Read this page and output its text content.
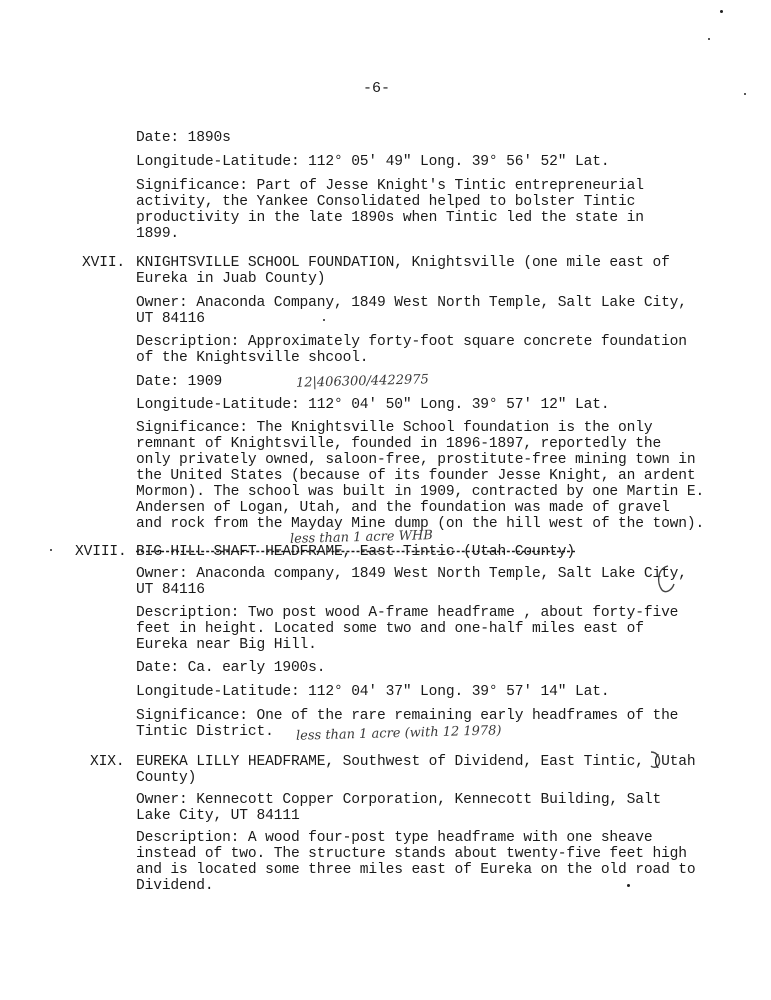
-6-
Date: 1890s
Longitude-Latitude: 112° 05' 49" Long. 39° 56' 52" Lat.
Significance: Part of Jesse Knight's Tintic entrepreneurial
activity, the Yankee Consolidated helped to bolster Tintic
productivity in the late 1890s when Tintic led the state in
1899.
XVII. KNIGHTSVILLE SCHOOL FOUNDATION, Knightsville (one mile east of
Eureka in Juab County)
Owner: Anaconda Company, 1849 West North Temple, Salt Lake City,
UT 84116
Description: Approximately forty-foot square concrete foundation
of the Knightsville shcool.
Date: 1909	12|406300/4422975
Longitude-Latitude: 112° 04' 50" Long. 39° 57' 12" Lat.
Significance: The Knightsville School foundation is the only
remnant of Knightsville, founded in 1896-1897, reportedly the
only privately owned, saloon-free, prostitute-free mining town in
the United States (because of its founder Jesse Knight, an ardent
Mormon). The school was built in 1909, contracted by one Martin E.
Andersen of Logan, Utah, and the foundation was made of gravel
and rock from the Mayday Mine dump (on the hill west of the town).
less than 1 acre WHB
XVIII. BIG HILL SHAFT HEADFRAME, East Tintic (Utah County)
Owner: Anaconda company, 1849 West North Temple, Salt Lake City,
UT 84116
Description: Two post wood A-frame headframe , about forty-five
feet in height. Located some two and one-half miles east of
Eureka near Big Hill.
Date: Ca. early 1900s.
Longitude-Latitude: 112° 04' 37" Long. 39° 57' 14" Lat.
Significance: One of the rare remaining early headframes of the
Tintic District. less than 1 acre (with 12 1978)
XIX. EUREKA LILLY HEADFRAME, Southwest of Dividend, East Tintic, (Utah
County)
Owner: Kennecott Copper Corporation, Kennecott Building, Salt
Lake City, UT 84111
Description: A wood four-post type headframe with one sheave
instead of two. The structure stands about twenty-five feet high
and is located some three miles east of Eureka on the old road to
Dividend.
